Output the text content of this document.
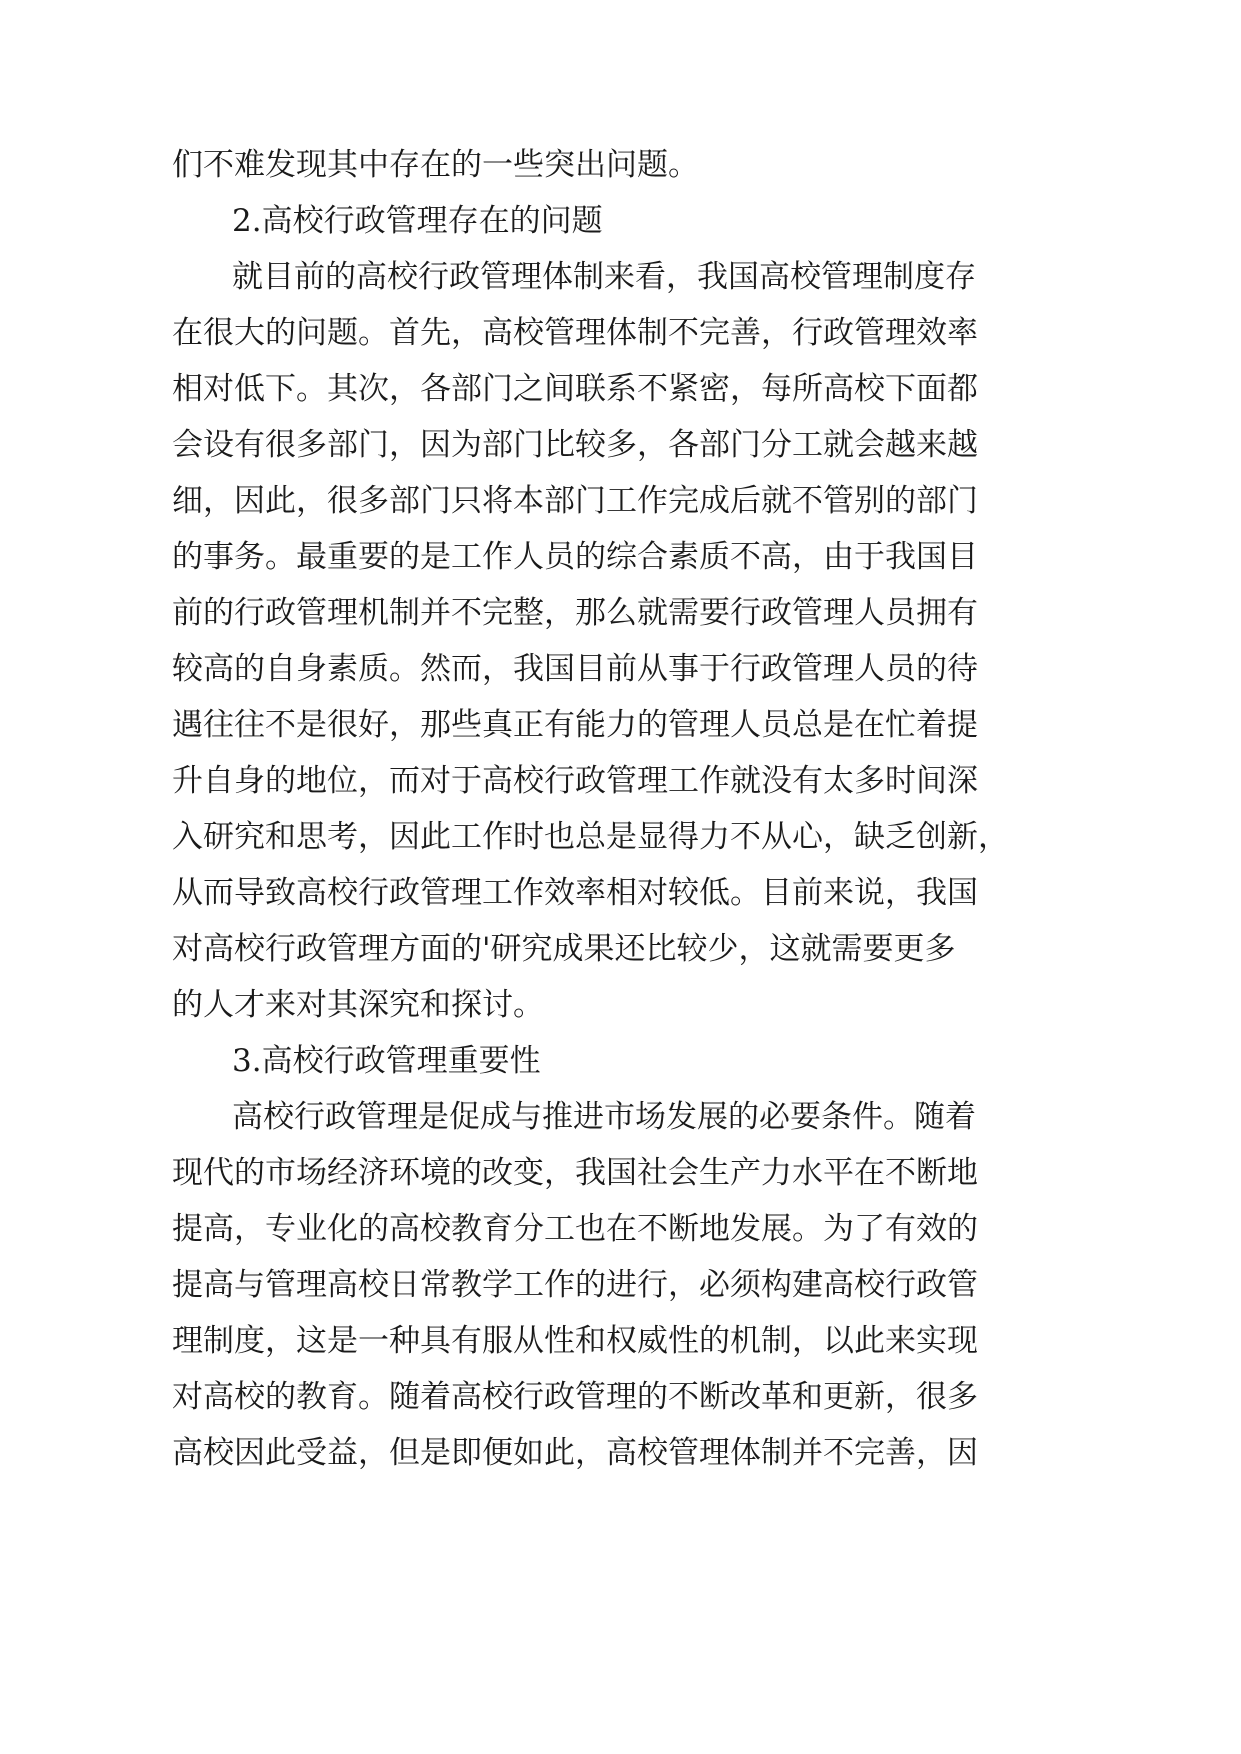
们不难发现其中存在的一些突出问题。

2.高校行政管理存在的问题

就目前的高校行政管理体制来看，我国高校管理制度存

在很大的问题。首先，高校管理体制不完善，行政管理效率

相对低下。其次，各部门之间联系不紧密，每所高校下面都

会设有很多部门，因为部门比较多，各部门分工就会越来越

细，因此，很多部门只将本部门工作完成后就不管别的部门

的事务。最重要的是工作人员的综合素质不高，由于我国目

前的行政管理机制并不完整，那么就需要行政管理人员拥有

较高的自身素质。然而，我国目前从事于行政管理人员的待

遇往往不是很好，那些真正有能力的管理人员总是在忙着提

升自身的地位，而对于高校行政管理工作就没有太多时间深

入研究和思考，因此工作时也总是显得力不从心，缺乏创新，

从而导致高校行政管理工作效率相对较低。目前来说，我国

对高校行政管理方面的'研究成果还比较少，这就需要更多

的人才来对其深究和探讨。

3.高校行政管理重要性

高校行政管理是促成与推进市场发展的必要条件。随着

现代的市场经济环境的改变，我国社会生产力水平在不断地

提高，专业化的高校教育分工也在不断地发展。为了有效的

提高与管理高校日常教学工作的进行，必须构建高校行政管

理制度，这是一种具有服从性和权威性的机制，以此来实现

对高校的教育。随着高校行政管理的不断改革和更新，很多

高校因此受益，但是即便如此，高校管理体制并不完善，因
